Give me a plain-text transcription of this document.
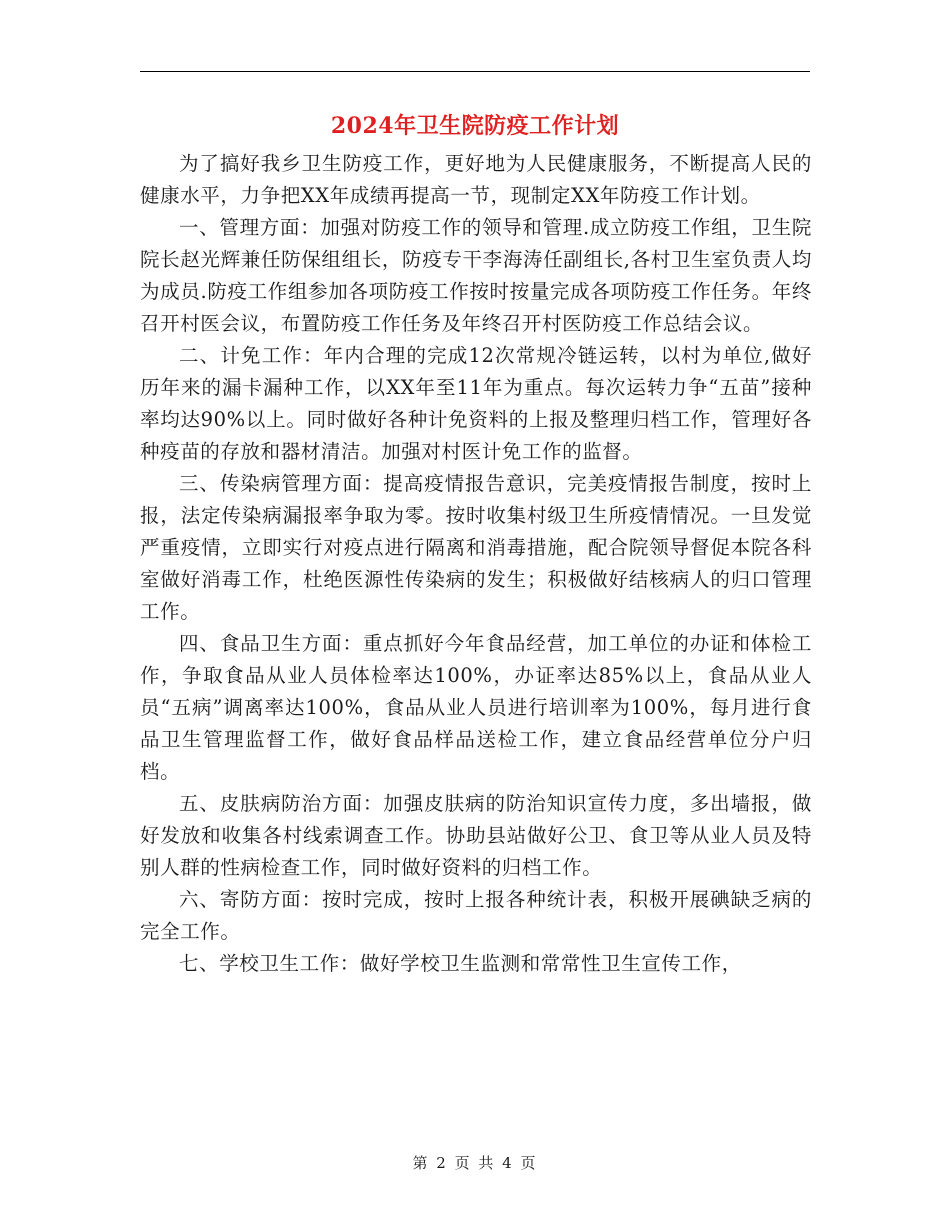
2024年卫生院防疫工作计划

为了搞好我乡卫生防疫工作，更好地为人民健康服务，不断提高人民的健康水平，力争把XX年成绩再提高一节，现制定XX年防疫工作计划。

一、管理方面：加强对防疫工作的领导和管理.成立防疫工作组，卫生院院长赵光辉兼任防保组组长，防疫专干李海涛任副组长,各村卫生室负责人均为成员.防疫工作组参加各项防疫工作按时按量完成各项防疫工作任务。年终召开村医会议，布置防疫工作任务及年终召开村医防疫工作总结会议。

二、计免工作：年内合理的完成12次常规冷链运转，以村为单位,做好历年来的漏卡漏种工作，以XX年至11年为重点。每次运转力争“五苗”接种率均达90%以上。同时做好各种计免资料的上报及整理归档工作，管理好各种疫苗的存放和器材清洁。加强对村医计免工作的监督。

三、传染病管理方面：提高疫情报告意识，完美疫情报告制度，按时上报，法定传染病漏报率争取为零。按时收集村级卫生所疫情情况。一旦发觉严重疫情，立即实行对疫点进行隔离和消毒措施，配合院领导督促本院各科室做好消毒工作，杜绝医源性传染病的发生；积极做好结核病人的归口管理工作。

四、食品卫生方面：重点抓好今年食品经营，加工单位的办证和体检工作，争取食品从业人员体检率达100%，办证率达85%以上，食品从业人员“五病”调离率达100%，食品从业人员进行培训率为100%，每月进行食品卫生管理监督工作，做好食品样品送检工作，建立食品经营单位分户归档。

五、皮肤病防治方面：加强皮肤病的防治知识宣传力度，多出墙报，做好发放和收集各村线索调查工作。协助县站做好公卫、食卫等从业人员及特别人群的性病检查工作，同时做好资料的归档工作。

六、寄防方面：按时完成，按时上报各种统计表，积极开展碘缺乏病的完全工作。

七、学校卫生工作：做好学校卫生监测和常常性卫生宣传工作，

第 2 页 共 4 页
